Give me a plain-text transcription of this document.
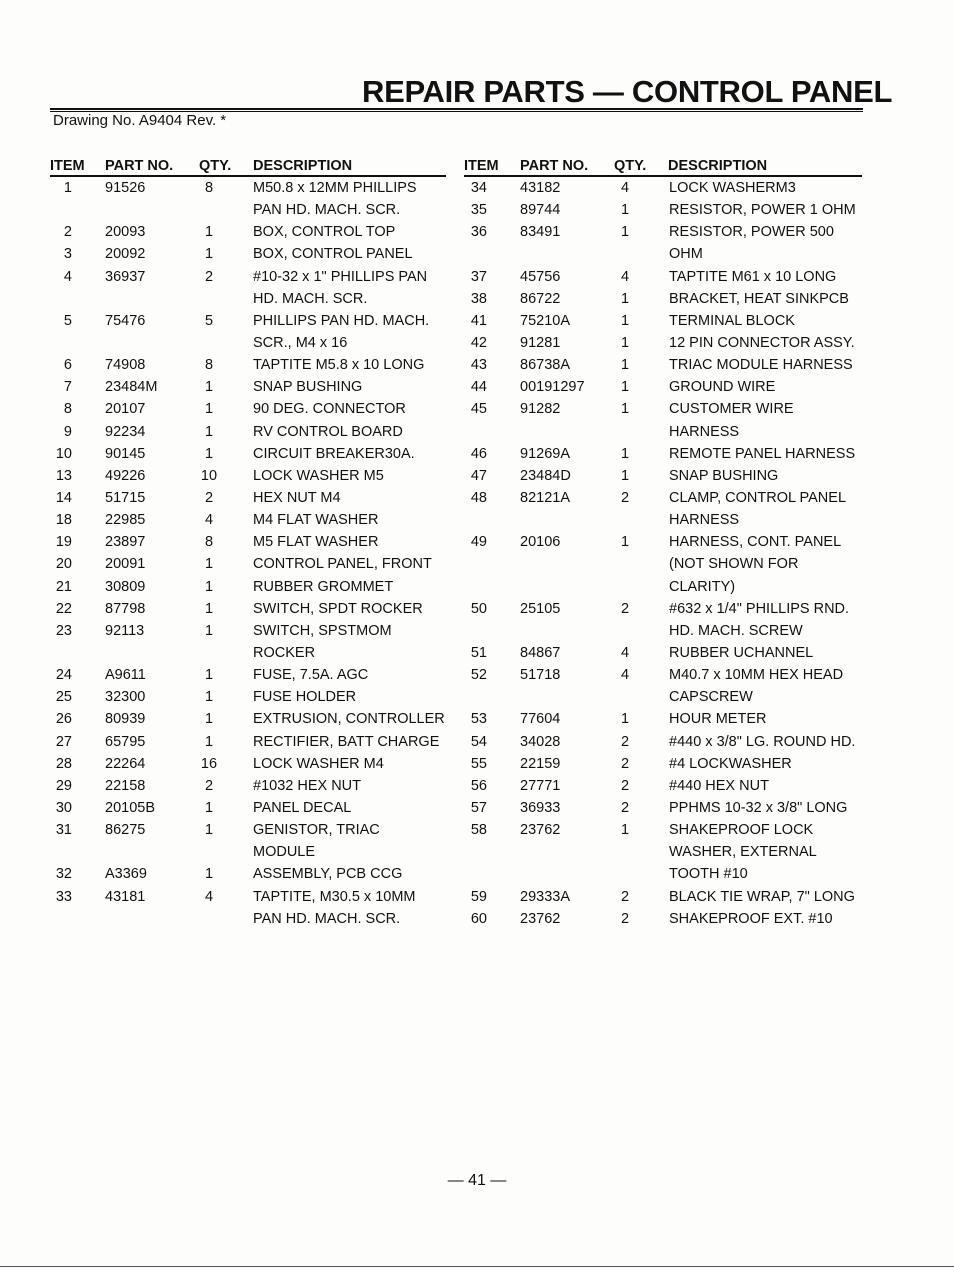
REPAIR PARTS — CONTROL PANEL
Drawing No. A9404 Rev. *
ITEM PART NO. QTY. DESCRIPTION
1 91526	8	M50.8 x 12MM PHILLIPS
PAN HD. MACH. SCR.
2 20093	1	BOX, CONTROL TOP
3 20092	1	BOX, CONTROL PANEL
4 36937	2	#10-32 x 1" PHILLIPS PAN
HD. MACH. SCR.
5 75476	5	PHILLIPS PAN HD. MACH.
SCR., M4 x 16
6 74908	8	TAPTITE M5.8 x 10 LONG
7 23484M	1	SNAP BUSHING
8 20107	1	90 DEG. CONNECTOR
9 92234	1	RV CONTROL BOARD
10 90145	1	CIRCUIT BREAKER30A.
13 49226	10 LOCK WASHER M5
14 51715	2	HEX NUT M4
18 22985	4	M4 FLAT WASHER
19 23897	8	M5 FLAT WASHER
20 20091	1	CONTROL PANEL, FRONT
21 30809	1	RUBBER GROMMET
22 87798	1	SWITCH, SPDT ROCKER
23 92113	1	SWITCH, SPSTMOM
ROCKER
24 A9611	1	FUSE, 7.5A. AGC
25 32300	1	FUSE HOLDER
26 80939	1	EXTRUSION, CONTROLLER
27 65795	1	RECTIFIER, BATT CHARGE
28 22264	16 LOCK WASHER M4
29 22158	2	#1032 HEX NUT
30 20105B	1	PANEL DECAL
31 86275	1	GENISTOR, TRIAC
MODULE
32 A3369	1	ASSEMBLY, PCB CCG
33 43181	4	TAPTITE, M30.5 x 10MM
PAN HD. MACH. SCR.
ITEM PART NO. QTY. DESCRIPTION
34 43182	4	LOCK WASHERM3
35 89744	1	RESISTOR, POWER 1 OHM
36 83491	1	RESISTOR, POWER 500
OHM
37 45756	4	TAPTITE M61 x 10 LONG
38 86722	1	BRACKET, HEAT SINKPCB
41 75210A	1	TERMINAL BLOCK
42 91281	1	12 PIN CONNECTOR ASSY.
43 86738A	1	TRIAC MODULE HARNESS
44 00191297	1	GROUND WIRE
45 91282	1	CUSTOMER WIRE
HARNESS
46 91269A	1	REMOTE PANEL HARNESS
47 23484D	1	SNAP BUSHING
48 82121A	2	CLAMP, CONTROL PANEL
HARNESS
49 20106	1	HARNESS, CONT. PANEL
(NOT SHOWN FOR
CLARITY)
50 25105	2	#632 x 1/4" PHILLIPS RND.
HD. MACH. SCREW
51 84867	4	RUBBER UCHANNEL
52 51718	4	M40.7 x 10MM HEX HEAD
CAPSCREW
53 77604	1	HOUR METER
54 34028	2	#440 x 3/8" LG. ROUND HD.
55 22159	2	#4 LOCKWASHER
56 27771	2	#440 HEX NUT
57 36933	2	PPHMS 10-32 x 3/8" LONG
58 23762	1	SHAKEPROOF LOCK
WASHER, EXTERNAL
TOOTH #10
59 29333A	2	BLACK TIE WRAP, 7" LONG
60 23762	2	SHAKEPROOF EXT. #10
— 41 —
